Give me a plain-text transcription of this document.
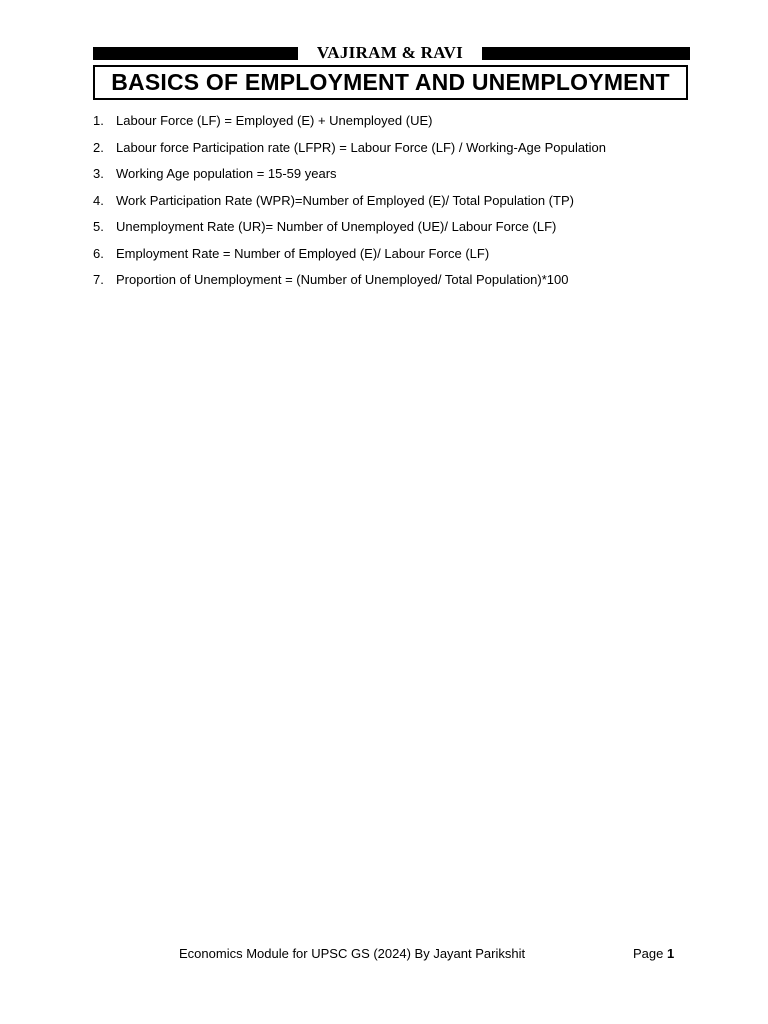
VAJIRAM & RAVI
BASICS OF EMPLOYMENT AND UNEMPLOYMENT
1. Labour Force (LF) = Employed (E) + Unemployed (UE)
2. Labour force Participation rate (LFPR) = Labour Force (LF) / Working-Age Population
3. Working Age population = 15-59 years
4. Work Participation Rate (WPR)=Number of Employed (E)/ Total Population (TP)
5. Unemployment Rate (UR)= Number of Unemployed (UE)/ Labour Force (LF)
6. Employment Rate = Number of Employed (E)/ Labour Force (LF)
7. Proportion of Unemployment = (Number of Unemployed/ Total Population)*100
Economics Module for UPSC GS (2024) By Jayant Parikshit	Page 1
